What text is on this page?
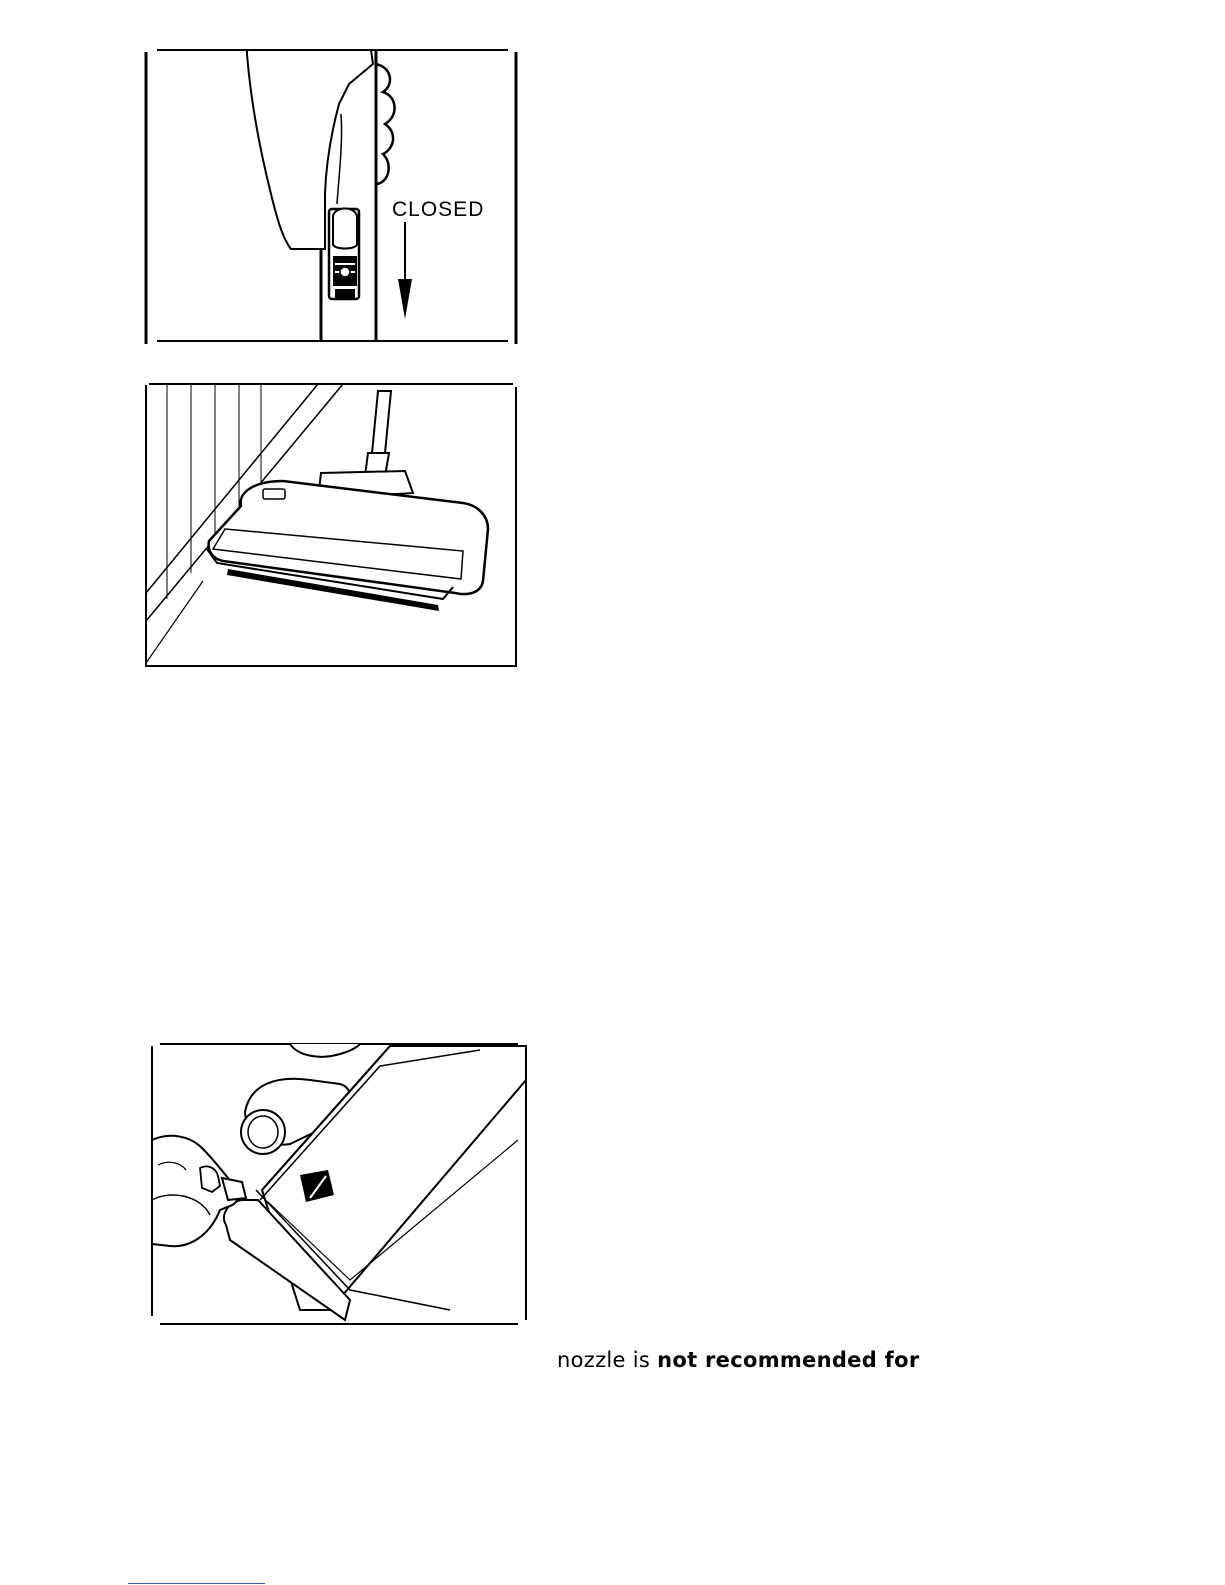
CLOSED
nozzle is not recommended for
